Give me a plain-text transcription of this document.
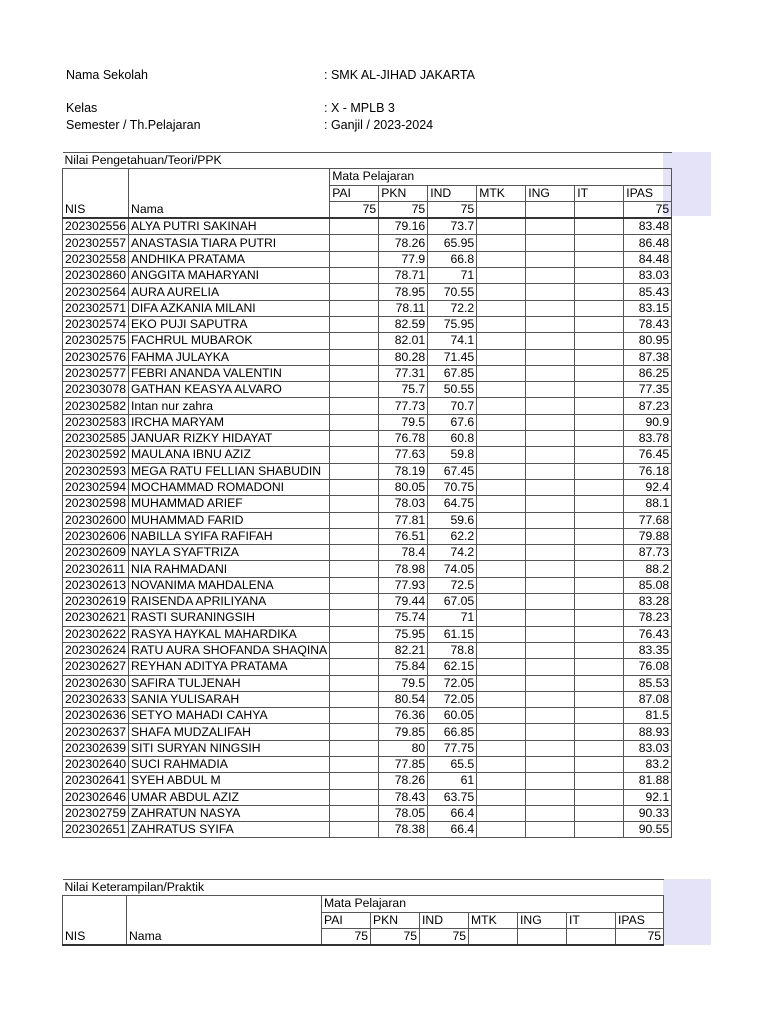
Nama Sekolah	: SMK AL-JIHAD JAKARTA
Kelas	: X - MPLB 3
Semester / Th.Pelajaran	: Ganjil / 2023-2024
Nilai Pengetahuan/Teori/PPK								
NIS	Nama	Mata Pelajaran						
		PAI	PKN	IND	MTK	ING	IT	IPAS
		75	75	75				75
202302556	ALYA PUTRI SAKINAH		79.16	73.7				83.48
202302557	ANASTASIA TIARA PUTRI		78.26	65.95				86.48
202302558	ANDHIKA PRATAMA		77.9	66.8				84.48
202302860	ANGGITA MAHARYANI		78.71	71				83.03
202302564	AURA AURELIA		78.95	70.55				85.43
202302571	DIFA AZKANIA MILANI		78.11	72.2				83.15
202302574	EKO PUJI SAPUTRA		82.59	75.95				78.43
202302575	FACHRUL MUBAROK		82.01	74.1				80.95
202302576	FAHMA JULAYKA		80.28	71.45				87.38
202302577	FEBRI ANANDA VALENTIN		77.31	67.85				86.25
202303078	GATHAN KEASYA ALVARO		75.7	50.55				77.35
202302582	Intan nur zahra		77.73	70.7				87.23
202302583	IRCHA MARYAM		79.5	67.6				90.9
202302585	JANUAR RIZKY HIDAYAT		76.78	60.8				83.78
202302592	MAULANA IBNU AZIZ		77.63	59.8				76.45
202302593	MEGA RATU FELLIAN SHABUDIN		78.19	67.45				76.18
202302594	MOCHAMMAD ROMADONI		80.05	70.75				92.4
202302598	MUHAMMAD ARIEF		78.03	64.75				88.1
202302600	MUHAMMAD FARID		77.81	59.6				77.68
202302606	NABILLA SYIFA RAFIFAH		76.51	62.2				79.88
202302609	NAYLA SYAFTRIZA		78.4	74.2				87.73
202302611	NIA RAHMADANI		78.98	74.05				88.2
202302613	NOVANIMA MAHDALENA		77.93	72.5				85.08
202302619	RAISENDA APRILIYANA		79.44	67.05				83.28
202302621	RASTI SURANINGSIH		75.74	71				78.23
202302622	RASYA HAYKAL MAHARDIKA		75.95	61.15				76.43
202302624	RATU AURA SHOFANDA SHAQINA		82.21	78.8				83.35
202302627	REYHAN ADITYA PRATAMA		75.84	62.15				76.08
202302630	SAFIRA TULJENAH		79.5	72.05				85.53
202302633	SANIA YULISARAH		80.54	72.05				87.08
202302636	SETYO MAHADI CAHYA		76.36	60.05				81.5
202302637	SHAFA MUDZALIFAH		79.85	66.85				88.93
202302639	SITI SURYAN NINGSIH		80	77.75				83.03
202302640	SUCI RAHMADIA		77.85	65.5				83.2
202302641	SYEH ABDUL M		78.26	61				81.88
202302646	UMAR ABDUL AZIZ		78.43	63.75				92.1
202302759	ZAHRATUN NASYA		78.05	66.4				90.33
202302651	ZAHRATUS SYIFA		78.38	66.4				90.55
Nilai Keterampilan/Praktik								
NIS	Nama	Mata Pelajaran						
		PAI	PKN	IND	MTK	ING	IT	IPAS
		75	75	75				75
